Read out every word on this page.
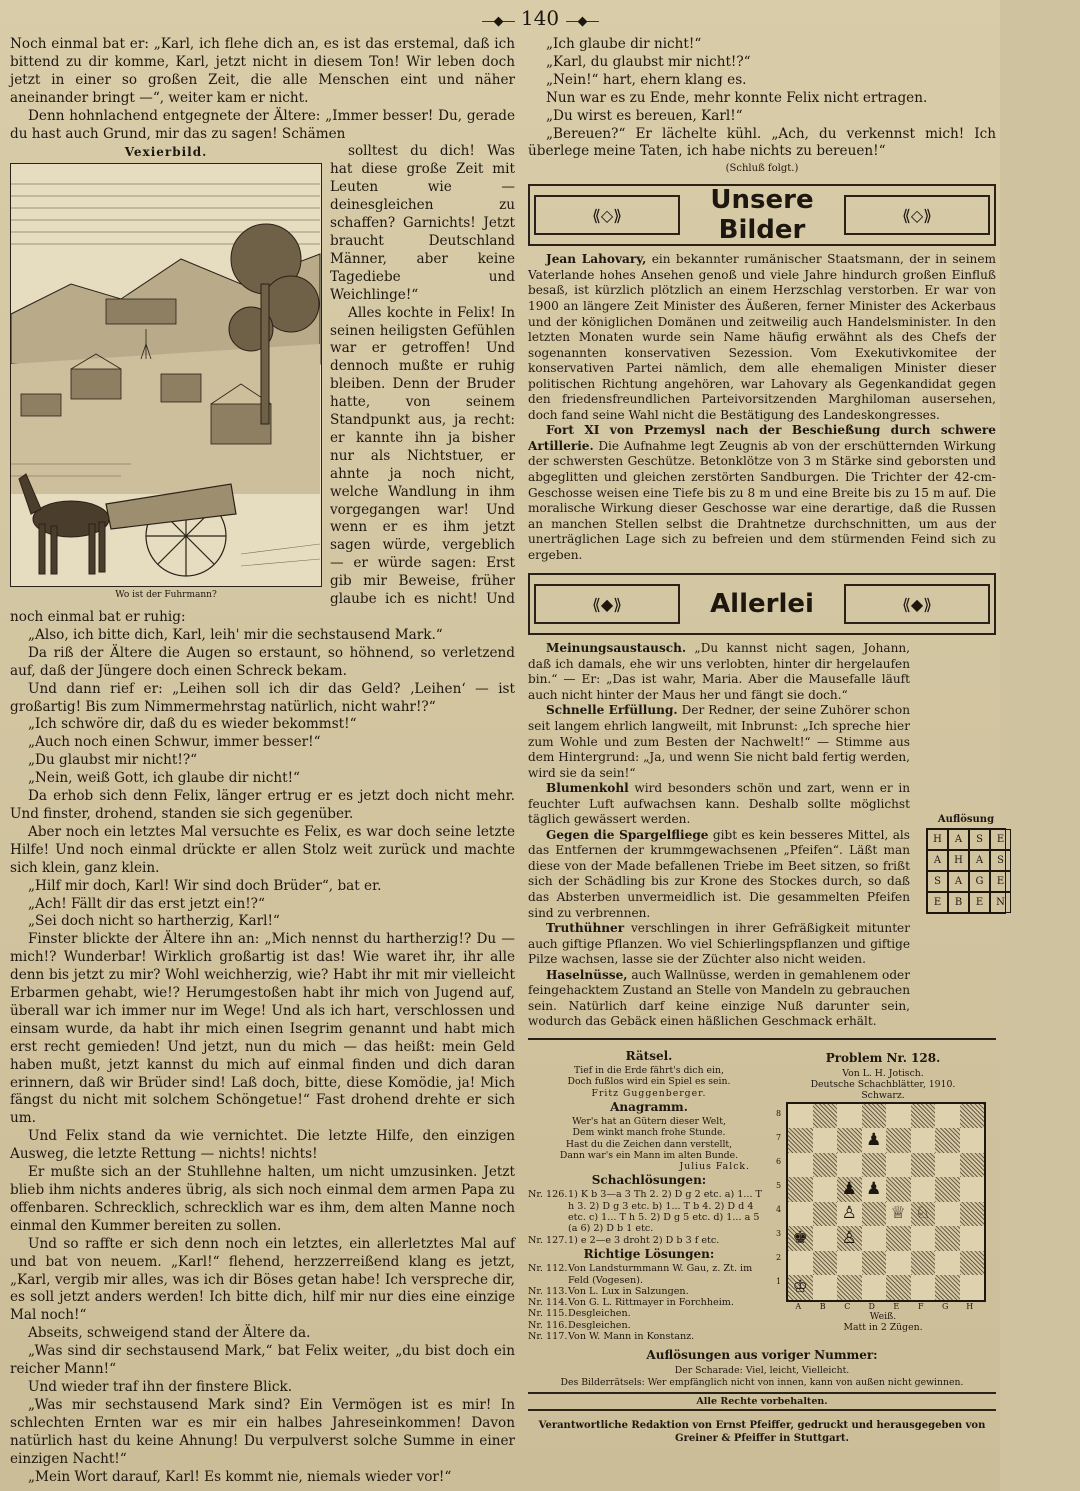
—◆— 140 —◆—

Noch einmal bat er: „Karl, ich flehe dich an, es ist das erstemal, daß ich bittend zu dir komme, Karl, jetzt nicht in diesem Ton! Wir leben doch jetzt in einer so großen Zeit, die alle Menschen eint und näher aneinander bringt —“, weiter kam er nicht.

Denn hohnlachend entgegnete der Ältere: „Immer besser! Du, gerade du hast auch Grund, mir das zu sagen! Schämen

Vexierbild.
Wo ist der Fuhrmann?

solltest du dich! Was hat diese große Zeit mit Leuten wie — deinesgleichen zu schaffen? Garnichts! Jetzt braucht Deutschland Männer, aber keine Tagediebe und Weichlinge!“

Alles kochte in Felix! In seinen heiligsten Gefühlen war er getroffen! Und dennoch mußte er ruhig bleiben. Denn der Bruder hatte, von seinem Standpunkt aus, ja recht: er kannte ihn ja bisher nur als Nichtstuer, er ahnte ja noch nicht, welche Wandlung in ihm vorgegangen war! Und wenn er es ihm jetzt sagen würde, vergeblich — er würde sagen: Erst gib mir Beweise, früher glaube ich es nicht! Und noch einmal bat er ruhig:

„Also, ich bitte dich, Karl, leih' mir die sechstausend Mark.“

Da riß der Ältere die Augen so erstaunt, so höhnend, so verletzend auf, daß der Jüngere doch einen Schreck bekam.

Und dann rief er: „Leihen soll ich dir das Geld? ‚Leihen‘ — ist großartig! Bis zum Nimmermehrstag natürlich, nicht wahr!?“

„Ich schwöre dir, daß du es wieder bekommst!“

„Auch noch einen Schwur, immer besser!“

„Du glaubst mir nicht!?“

„Nein, weiß Gott, ich glaube dir nicht!“

Da erhob sich denn Felix, länger ertrug er es jetzt doch nicht mehr. Und finster, drohend, standen sie sich gegenüber.

Aber noch ein letztes Mal versuchte es Felix, es war doch seine letzte Hilfe! Und noch einmal drückte er allen Stolz weit zurück und machte sich klein, ganz klein.

„Hilf mir doch, Karl! Wir sind doch Brüder“, bat er.

„Ach! Fällt dir das erst jetzt ein!?“

„Sei doch nicht so hartherzig, Karl!“

Finster blickte der Ältere ihn an: „Mich nennst du hartherzig!? Du — mich!? Wunderbar! Wirklich großartig ist das! Wie waret ihr, ihr alle denn bis jetzt zu mir? Wohl weichherzig, wie? Habt ihr mit mir vielleicht Erbarmen gehabt, wie!? Herumgestoßen habt ihr mich von Jugend auf, überall war ich immer nur im Wege! Und als ich hart, verschlossen und einsam wurde, da habt ihr mich einen Isegrim genannt und habt mich erst recht gemieden! Und jetzt, nun du mich — das heißt: mein Geld haben mußt, jetzt kannst du mich auf einmal finden und dich daran erinnern, daß wir Brüder sind! Laß doch, bitte, diese Komödie, ja! Mich fängst du nicht mit solchem Schöngetue!“ Fast drohend drehte er sich um.

Und Felix stand da wie vernichtet. Die letzte Hilfe, den einzigen Ausweg, die letzte Rettung — nichts! nichts!

Er mußte sich an der Stuhllehne halten, um nicht umzusinken. Jetzt blieb ihm nichts anderes übrig, als sich noch einmal dem armen Papa zu offenbaren. Schrecklich, schrecklich war es ihm, dem alten Manne noch einmal den Kummer bereiten zu sollen.

Und so raffte er sich denn noch ein letztes, ein allerletztes Mal auf und bat von neuem. „Karl!“ flehend, herzzerreißend klang es jetzt, „Karl, vergib mir alles, was ich dir Böses getan habe! Ich verspreche dir, es soll jetzt anders werden! Ich bitte dich, hilf mir nur dies eine einzige Mal noch!“

Abseits, schweigend stand der Ältere da.

„Was sind dir sechstausend Mark,“ bat Felix weiter, „du bist doch ein reicher Mann!“

Und wieder traf ihn der finstere Blick.

„Was mir sechstausend Mark sind? Ein Vermögen ist es mir! In schlechten Ernten war es mir ein halbes Jahreseinkommen! Davon natürlich hast du keine Ahnung! Du verpulverst solche Summe in einer einzigen Nacht!“

„Mein Wort darauf, Karl! Es kommt nie, niemals wieder vor!“

„Ich glaube dir nicht!“

„Karl, du glaubst mir nicht!?“

„Nein!“ hart, ehern klang es.

Nun war es zu Ende, mehr konnte Felix nicht ertragen.

„Du wirst es bereuen, Karl!“

„Bereuen?“ Er lächelte kühl. „Ach, du verkennst mich! Ich überlege meine Taten, ich habe nichts zu bereuen!“

(Schluß folgt.)
⟪◇⟫	Unsere Bilder	⟪◇⟫

Jean Lahovary, ein bekannter rumänischer Staatsmann, der in seinem Vaterlande hohes Ansehen genoß und viele Jahre hindurch großen Einfluß besaß, ist kürzlich plötzlich an einem Herzschlag verstorben. Er war von 1900 an längere Zeit Minister des Äußeren, ferner Minister des Ackerbaus und der königlichen Domänen und zeitweilig auch Handelsminister. In den letzten Monaten wurde sein Name häufig erwähnt als des Chefs der sogenannten konservativen Sezession. Vom Exekutivkomitee der konservativen Partei nämlich, dem alle ehemaligen Minister dieser politischen Richtung angehören, war Lahovary als Gegenkandidat gegen den friedensfreundlichen Parteivorsitzenden Marghiloman ausersehen, doch fand seine Wahl nicht die Bestätigung des Landeskongresses.

Fort XI von Przemysl nach der Beschießung durch schwere Artillerie. Die Aufnahme legt Zeugnis ab von der erschütternden Wirkung der schwersten Geschütze. Betonklötze von 3 m Stärke sind geborsten und abgeglitten und gleichen zerstörten Sandburgen. Die Trichter der 42-cm-Geschosse weisen eine Tiefe bis zu 8 m und eine Breite bis zu 15 m auf. Die moralische Wirkung dieser Geschosse war eine derartige, daß die Russen an manchen Stellen selbst die Drahtnetze durchschnitten, um aus der unerträglichen Lage sich zu befreien und dem stürmenden Feind sich zu ergeben.

⟪◆⟫	Allerlei	⟪◆⟫

Meinungsaustausch. „Du kannst nicht sagen, Johann, daß ich damals, ehe wir uns verlobten, hinter dir hergelaufen bin.“ — Er: „Das ist wahr, Maria. Aber die Mausefalle läuft auch nicht hinter der Maus her und fängt sie doch.“

Schnelle Erfüllung. Der Redner, der seine Zuhörer schon seit langem ehrlich langweilt, mit Inbrunst: „Ich spreche hier zum Wohle und zum Besten der Nachwelt!“ — Stimme aus dem Hintergrund: „Ja, und wenn Sie nicht bald fertig werden, wird sie da sein!“

Blumenkohl wird besonders schön und zart, wenn er in feuchter Luft aufwachsen kann. Deshalb sollte möglichst täglich gewässert werden.

Gegen die Spargelfliege gibt es kein besseres Mittel, als das Entfernen der krummgewachsenen „Pfeifen“. Läßt man diese von der Made befallenen Triebe im Beet sitzen, so frißt sich der Schädling bis zur Krone des Stockes durch, so daß das Absterben unvermeidlich ist. Die gesammelten Pfeifen sind zu verbrennen.

Truthühner verschlingen in ihrer Gefräßigkeit mitunter auch giftige Pflanzen. Wo viel Schierlingspflanzen und giftige Pilze wachsen, lasse sie der Züchter also nicht weiden.

Haselnüsse, auch Wallnüsse, werden in gemahlenem oder feingehacktem Zustand an Stelle von Mandeln zu gebrauchen sein. Natürlich darf keine einzige Nuß darunter sein, wodurch das Gebäck einen häßlichen Geschmack erhält.

Auflösung
H	A	S	E
A	H	A	S
S	A	G	E
E	B	E	N
Rätsel.
Tief in die Erde fährt's dich ein,
Doch fußlos wird ein Spiel es sein.
Fritz Guggenberger.
Anagramm.
Wer's hat an Gütern dieser Welt,
Dem winkt manch frohe Stunde.
Hast du die Zeichen dann verstellt,
Dann war's ein Mann im alten Bunde.
Julius Falck.
Schachlösungen:
Nr. 126. 1) K b 3—a 3 Th 2. 2) D g 2 etc. a) 1... T h 3. 2) D g 3 etc. b) 1... T b 4. 2) D d 4 etc. c) 1... T h 5. 2) D g 5 etc. d) 1... a 5 (a 6) 2) D b 1 etc.
Nr. 127. 1) e 2—e 3 droht 2) D b 3 f etc.
Richtige Lösungen:
Nr. 112. Von Landsturmmann W. Gau, z. Zt. im Feld (Vogesen).
Nr. 113. Von L. Lux in Salzungen.
Nr. 114. Von G. L. Rittmayer in Forchheim.
Nr. 115. Desgleichen.
Nr. 116. Desgleichen.
Nr. 117. Von W. Mann in Konstanz.
Problem Nr. 128.
Von L. H. Jotisch.
Deutsche Schachblätter, 1910.
Schwarz.
8
7
6
5
4
3
2
1
♟
♟ ♟
♙ ♕ ♘
♚ ♙
♔
A	B	C	D	E	F	G	H
Weiß.
Matt in 2 Zügen.
Auflösungen aus voriger Nummer:
Der Scharade: Viel, leicht, Vielleicht.
Des Bilderrätsels: Wer empfänglich nicht von innen, kann von außen nicht gewinnen.
Alle Rechte vorbehalten.
Verantwortliche Redaktion von Ernst Pfeiffer, gedruckt und herausgegeben von Greiner & Pfeiffer in Stuttgart.
